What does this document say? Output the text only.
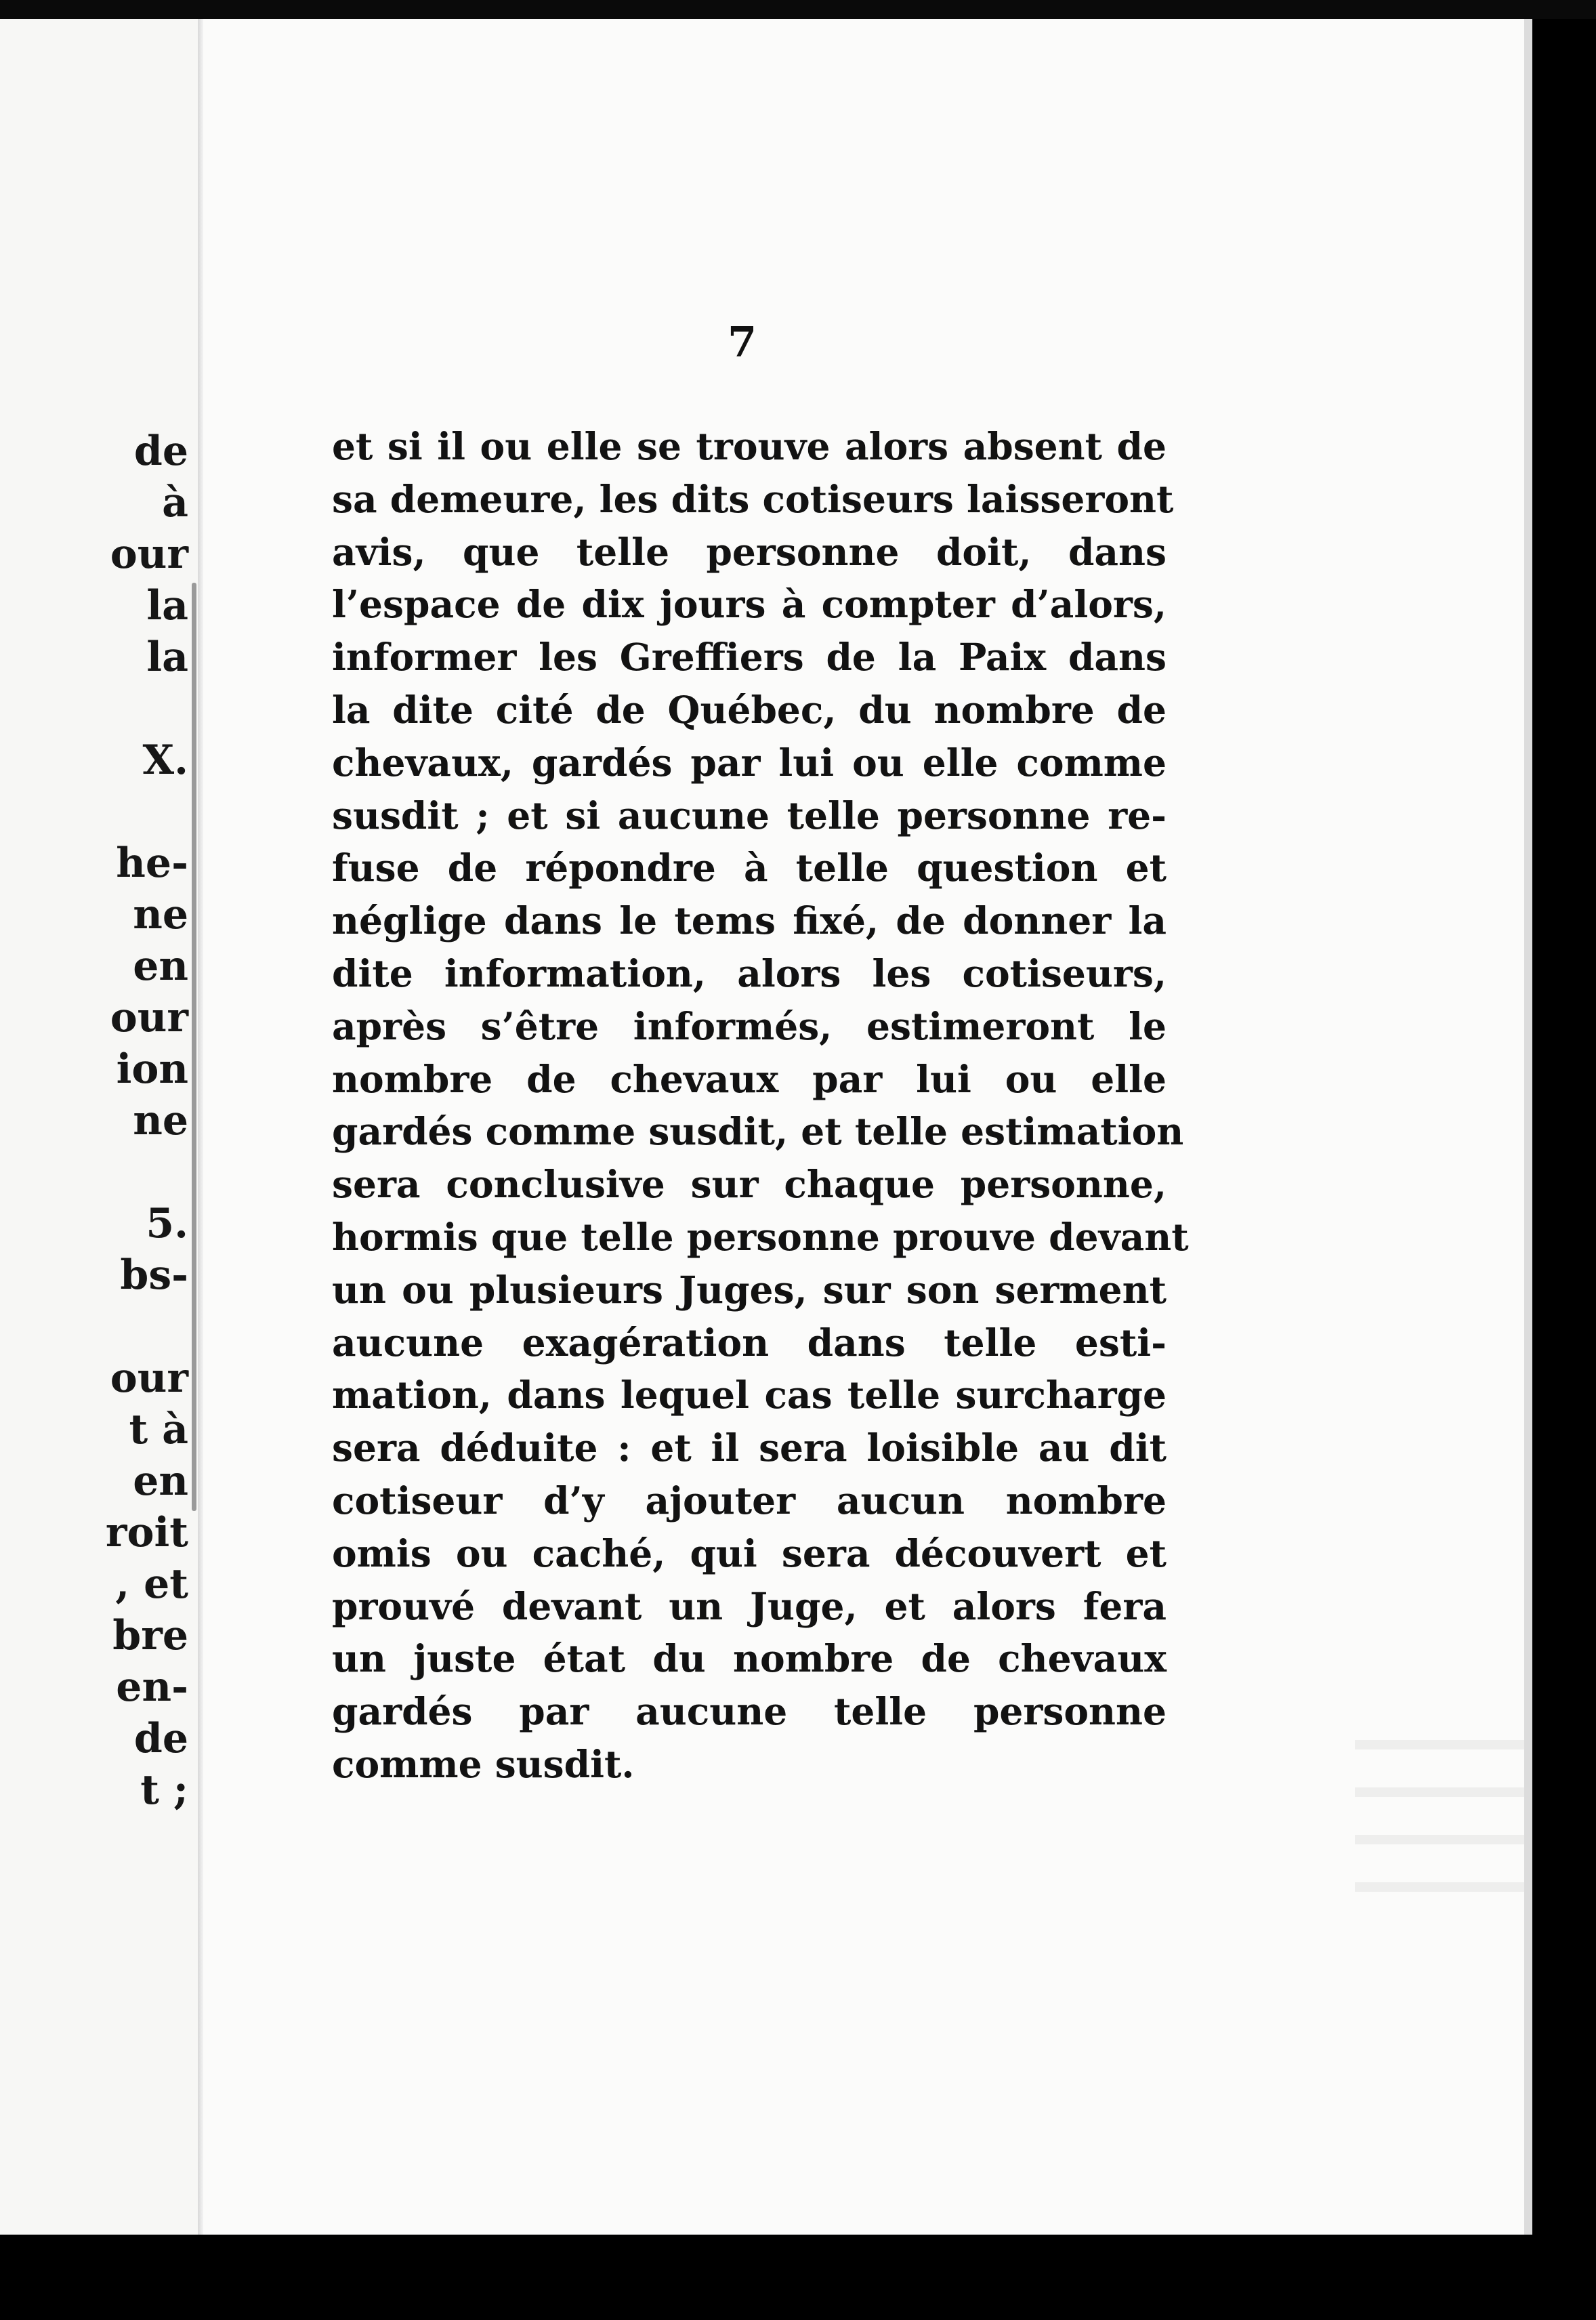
de
à
our
la
la
X.
he-
ne
en
our
ion
ne
5.
bs-
our
t à
en
roit
, et
bre
en-
de
t ;
7
et si il ou elle se trouve alors absent de
sa demeure, les dits cotiseurs laisseront
avis, que telle personne doit, dans
l’espace de dix jours à compter d’alors,
informer les Greffiers de la Paix dans
la dite cité de Québec, du nombre de
chevaux, gardés par lui ou elle comme
susdit ; et si aucune telle personne re-
fuse de répondre à telle question et
néglige dans le tems fixé, de donner la
dite information, alors les cotiseurs,
après s’être informés, estimeront le
nombre de chevaux par lui ou elle
gardés comme susdit, et telle estimation
sera conclusive sur chaque personne,
hormis que telle personne prouve devant
un ou plusieurs Juges, sur son serment
aucune exagération dans telle esti-
mation, dans lequel cas telle surcharge
sera déduite : et il sera loisible au dit
cotiseur d’y ajouter aucun nombre
omis ou caché, qui sera découvert et
prouvé devant un Juge, et alors fera
un juste état du nombre de chevaux
gardés par aucune telle personne
comme susdit.
